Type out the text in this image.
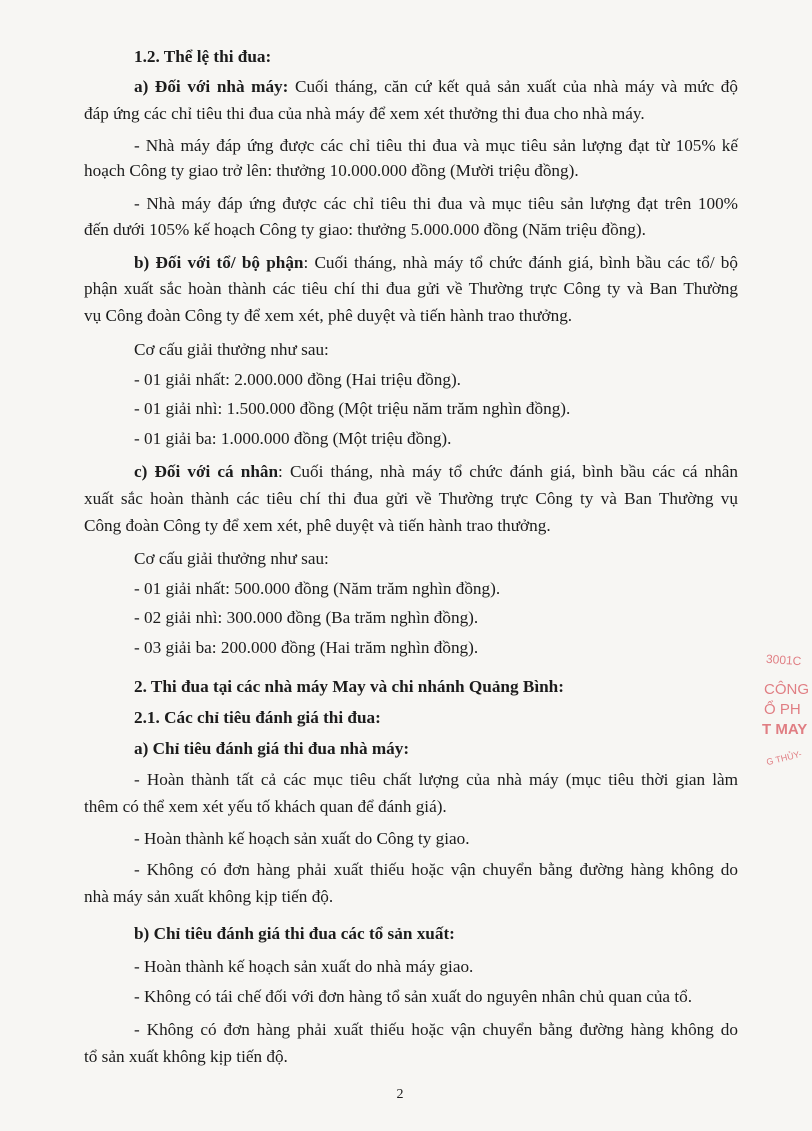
1.2. Thể lệ thi đua:
a) Đối với nhà máy: Cuối tháng, căn cứ kết quả sản xuất của nhà máy và mức độ
đáp ứng các chỉ tiêu thi đua của nhà máy để xem xét thưởng thi đua cho nhà máy.
- Nhà máy đáp ứng được các chỉ tiêu thi đua và mục tiêu sản lượng đạt từ 105% kế
hoạch Công ty giao trở lên: thưởng 10.000.000 đồng (Mười triệu đồng).
- Nhà máy đáp ứng được các chỉ tiêu thi đua và mục tiêu sản lượng đạt trên 100%
đến dưới 105% kế hoạch Công ty giao: thưởng 5.000.000 đồng (Năm triệu đồng).
b) Đối với tổ/ bộ phận: Cuối tháng, nhà máy tổ chức đánh giá, bình bầu các tổ/ bộ
phận xuất sắc hoàn thành các tiêu chí thi đua gửi về Thường trực Công ty và Ban Thường
vụ Công đoàn Công ty để xem xét, phê duyệt và tiến hành trao thưởng.
Cơ cấu giải thưởng như sau:
- 01 giải nhất: 2.000.000 đồng (Hai triệu đồng).
- 01 giải nhì: 1.500.000 đồng (Một triệu năm trăm nghìn đồng).
- 01 giải ba: 1.000.000 đồng (Một triệu đồng).
c) Đối với cá nhân: Cuối tháng, nhà máy tổ chức đánh giá, bình bầu các cá nhân
xuất sắc hoàn thành các tiêu chí thi đua gửi về Thường trực Công ty và Ban Thường vụ
Công đoàn Công ty để xem xét, phê duyệt và tiến hành trao thưởng.
Cơ cấu giải thưởng như sau:
- 01 giải nhất: 500.000 đồng (Năm trăm nghìn đồng).
- 02 giải nhì: 300.000 đồng (Ba trăm nghìn đồng).
- 03 giải ba: 200.000 đồng (Hai trăm nghìn đồng).
2. Thi đua tại các nhà máy May và chi nhánh Quảng Bình:
2.1. Các chỉ tiêu đánh giá thi đua:
a) Chỉ tiêu đánh giá thi đua nhà máy:
- Hoàn thành tất cả các mục tiêu chất lượng của nhà máy (mục tiêu thời gian làm
thêm có thể xem xét yếu tố khách quan để đánh giá).
- Hoàn thành kế hoạch sản xuất do Công ty giao.
- Không có đơn hàng phải xuất thiếu hoặc vận chuyển bằng đường hàng không do
nhà máy sản xuất không kịp tiến độ.
b) Chỉ tiêu đánh giá thi đua các tổ sản xuất:
- Hoàn thành kế hoạch sản xuất do nhà máy giao.
- Không có tái chế đối với đơn hàng tổ sản xuất do nguyên nhân chủ quan của tổ.
- Không có đơn hàng phải xuất thiếu hoặc vận chuyển bằng đường hàng không do
tổ sản xuất không kịp tiến độ.
2
3001C
CÔNG
Ổ PH
T MAY
G THỦY-
